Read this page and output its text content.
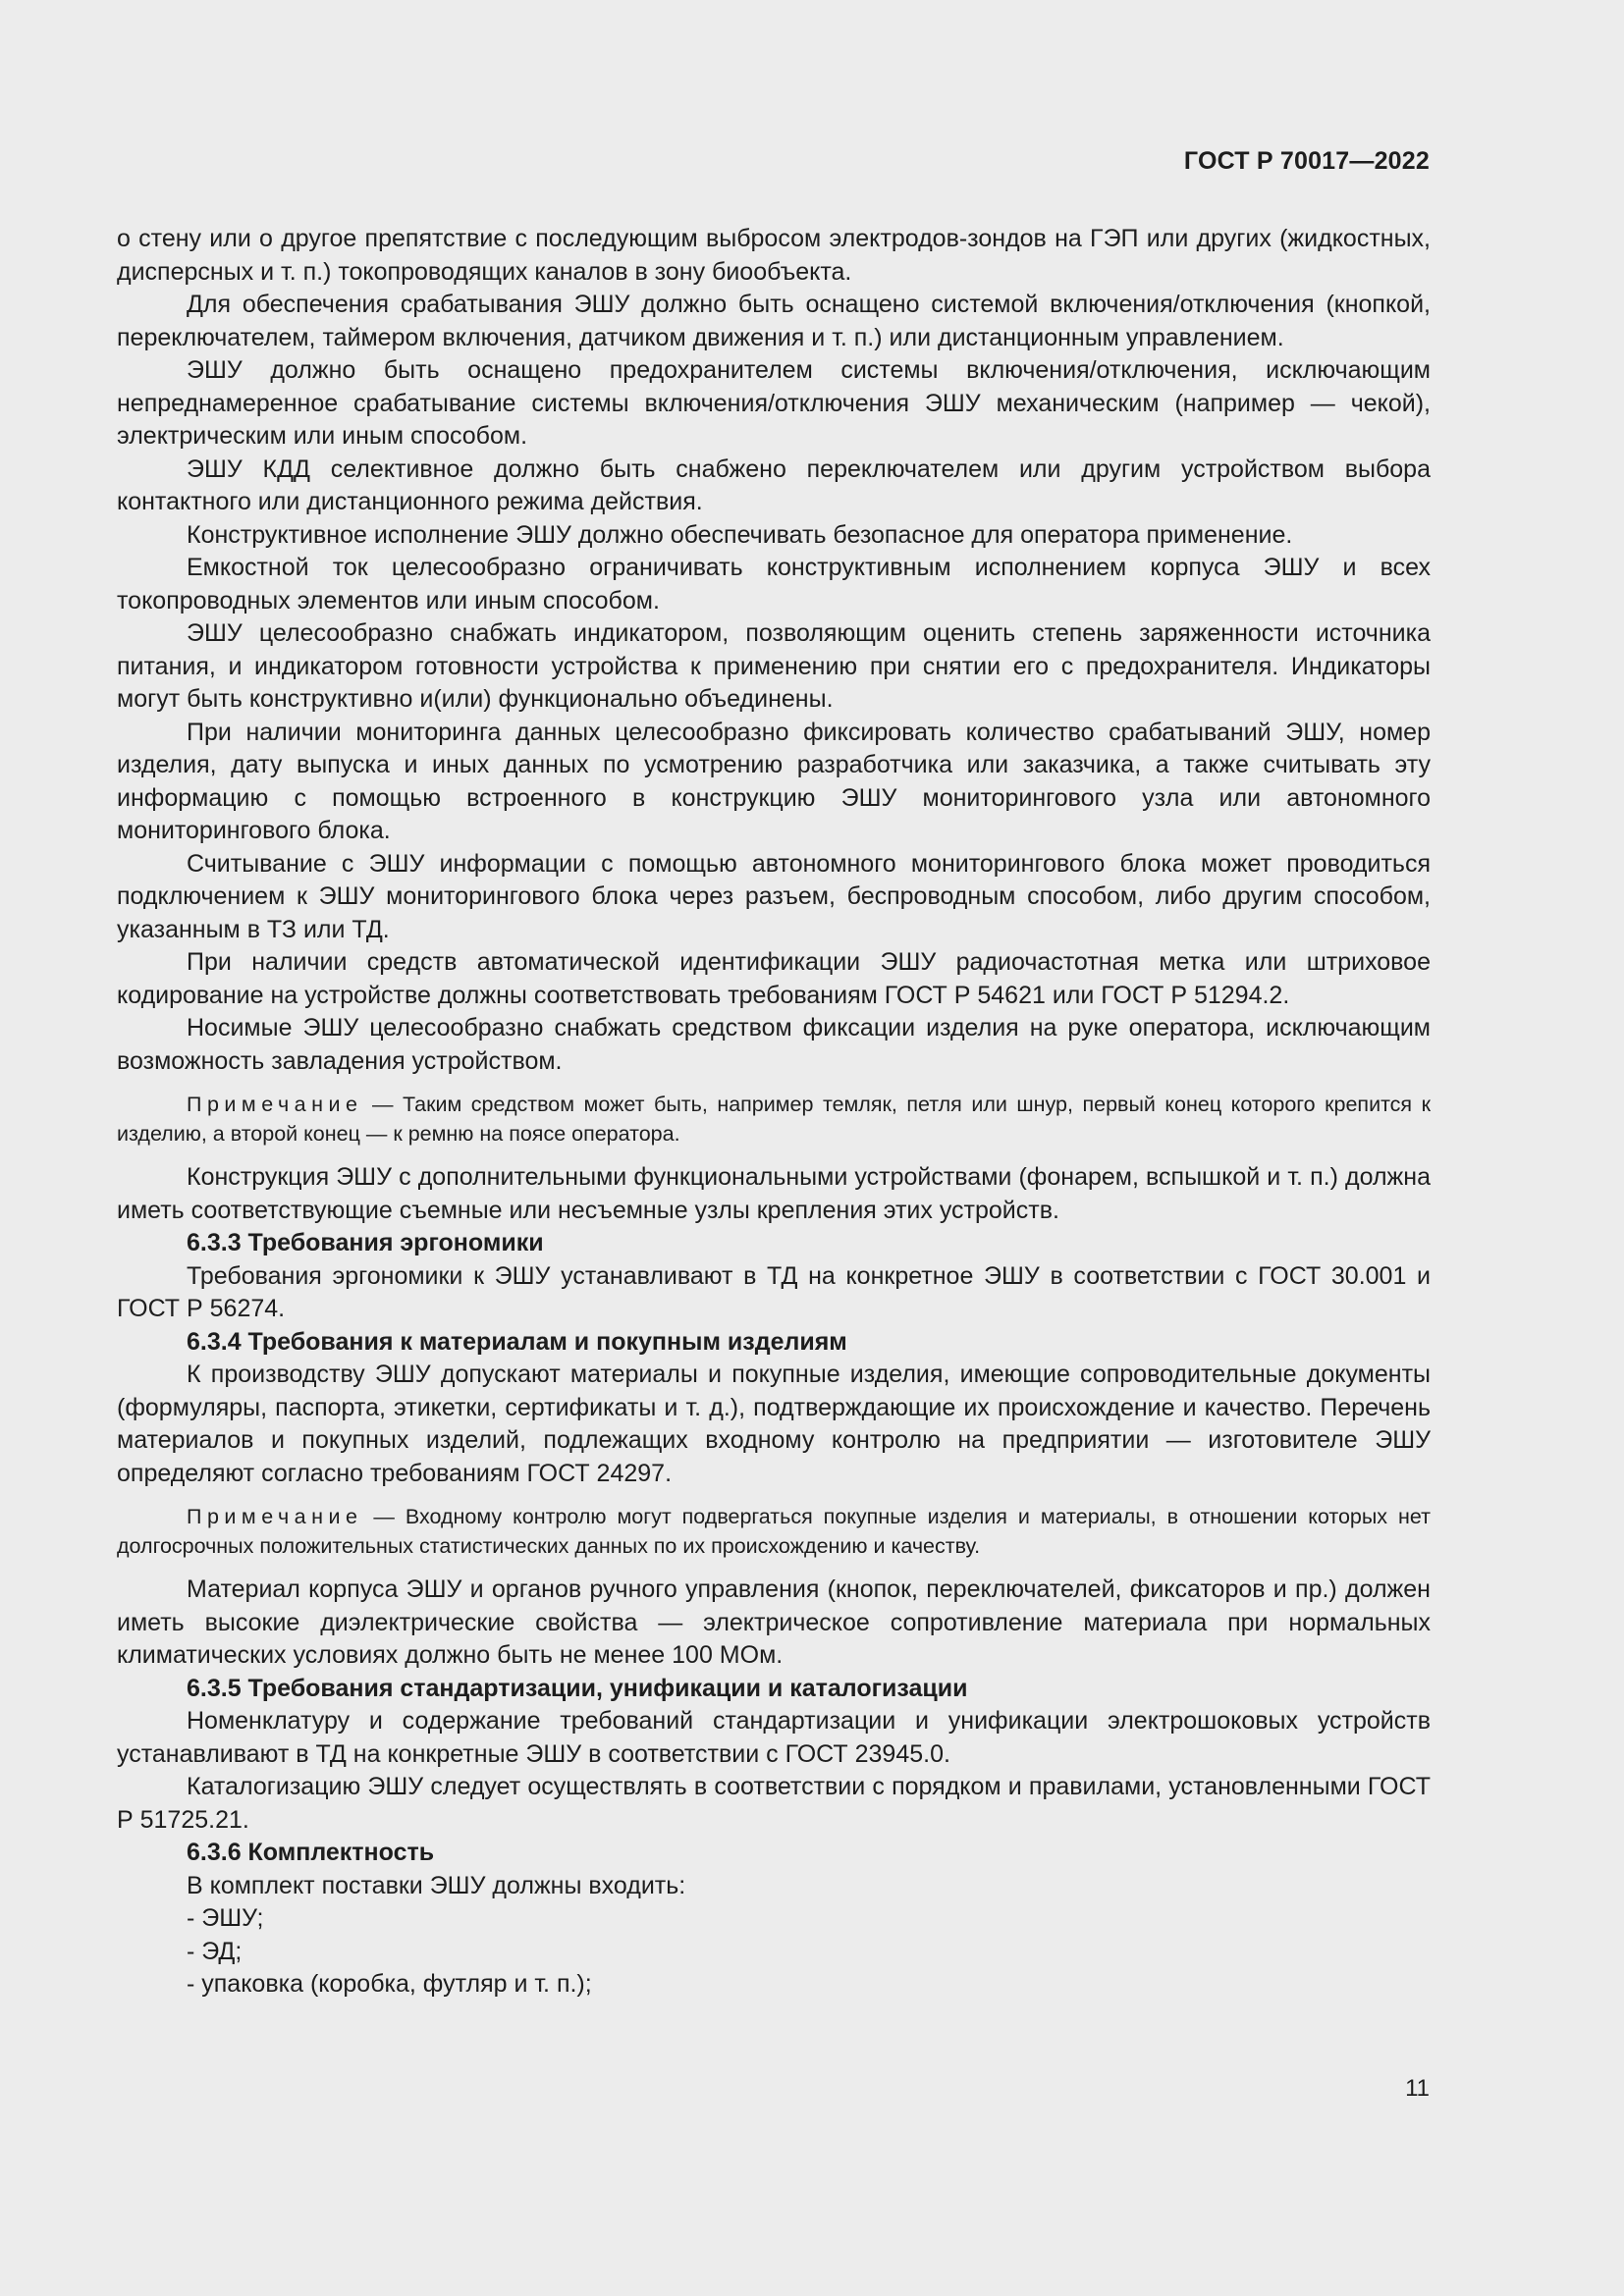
ГОСТ Р 70017—2022

о стену или о другое препятствие с последующим выбросом электродов-зондов на ГЭП или других (жидкостных, дисперсных и т. п.) токопроводящих каналов в зону биообъекта.

Для обеспечения срабатывания ЭШУ должно быть оснащено системой включения/отключения (кнопкой, переключателем, таймером включения, датчиком движения и т. п.) или дистанционным управлением.

ЭШУ должно быть оснащено предохранителем системы включения/отключения, исключающим непреднамеренное срабатывание системы включения/отключения ЭШУ механическим (например — чекой), электрическим или иным способом.

ЭШУ КДД селективное должно быть снабжено переключателем или другим устройством выбора контактного или дистанционного режима действия.

Конструктивное исполнение ЭШУ должно обеспечивать безопасное для оператора применение.

Емкостной ток целесообразно ограничивать конструктивным исполнением корпуса ЭШУ и всех токопроводных элементов или иным способом.

ЭШУ целесообразно снабжать индикатором, позволяющим оценить степень заряженности источника питания, и индикатором готовности устройства к применению при снятии его с предохранителя. Индикаторы могут быть конструктивно и(или) функционально объединены.

При наличии мониторинга данных целесообразно фиксировать количество срабатываний ЭШУ, номер изделия, дату выпуска и иных данных по усмотрению разработчика или заказчика, а также считывать эту информацию с помощью встроенного в конструкцию ЭШУ мониторингового узла или автономного мониторингового блока.

Считывание с ЭШУ информации с помощью автономного мониторингового блока может проводиться подключением к ЭШУ мониторингового блока через разъем, беспроводным способом, либо другим способом, указанным в ТЗ или ТД.

При наличии средств автоматической идентификации ЭШУ радиочастотная метка или штриховое кодирование на устройстве должны соответствовать требованиям ГОСТ Р 54621 или ГОСТ Р 51294.2.

Носимые ЭШУ целесообразно снабжать средством фиксации изделия на руке оператора, исключающим возможность завладения устройством.

Примечание — Таким средством может быть, например темляк, петля или шнур, первый конец которого крепится к изделию, а второй конец — к ремню на поясе оператора.

Конструкция ЭШУ с дополнительными функциональными устройствами (фонарем, вспышкой и т. п.) должна иметь соответствующие съемные или несъемные узлы крепления этих устройств.

6.3.3 Требования эргономики

Требования эргономики к ЭШУ устанавливают в ТД на конкретное ЭШУ в соответствии с ГОСТ 30.001 и ГОСТ Р 56274.

6.3.4 Требования к материалам и покупным изделиям

К производству ЭШУ допускают материалы и покупные изделия, имеющие сопроводительные документы (формуляры, паспорта, этикетки, сертификаты и т. д.), подтверждающие их происхождение и качество. Перечень материалов и покупных изделий, подлежащих входному контролю на предприятии — изготовителе ЭШУ определяют согласно требованиям ГОСТ 24297.

Примечание — Входному контролю могут подвергаться покупные изделия и материалы, в отношении которых нет долгосрочных положительных статистических данных по их происхождению и качеству.

Материал корпуса ЭШУ и органов ручного управления (кнопок, переключателей, фиксаторов и пр.) должен иметь высокие диэлектрические свойства — электрическое сопротивление материала при нормальных климатических условиях должно быть не менее 100 МОм.

6.3.5 Требования стандартизации, унификации и каталогизации

Номенклатуру и содержание требований стандартизации и унификации электрошоковых устройств устанавливают в ТД на конкретные ЭШУ в соответствии с ГОСТ 23945.0.

Каталогизацию ЭШУ следует осуществлять в соответствии с порядком и правилами, установленными ГОСТ Р 51725.21.

6.3.6 Комплектность

В комплект поставки ЭШУ должны входить:

- ЭШУ;

- ЭД;

- упаковка (коробка, футляр и т. п.);

11
